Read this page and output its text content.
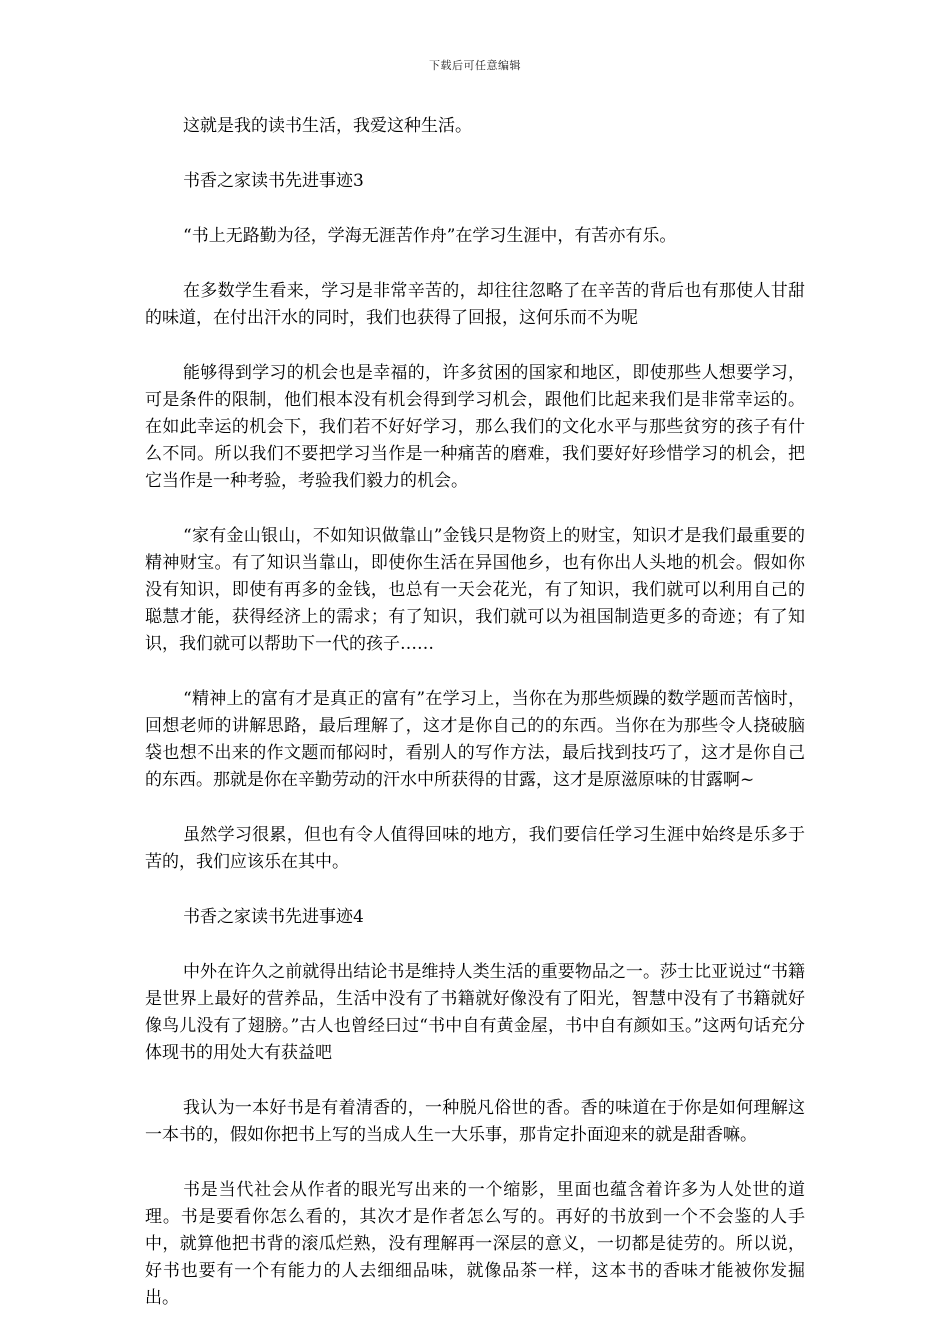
下载后可任意编辑

这就是我的读书生活，我爱这种生活。

书香之家读书先进事迹3

“书上无路勤为径，学海无涯苦作舟”在学习生涯中，有苦亦有乐。

在多数学生看来，学习是非常辛苦的，却往往忽略了在辛苦的背后也有那使人甘甜的味道，在付出汗水的同时，我们也获得了回报，这何乐而不为呢

能够得到学习的机会也是幸福的，许多贫困的国家和地区，即使那些人想要学习，可是条件的限制，他们根本没有机会得到学习机会，跟他们比起来我们是非常幸运的。在如此幸运的机会下，我们若不好好学习，那么我们的文化水平与那些贫穷的孩子有什么不同。所以我们不要把学习当作是一种痛苦的磨难，我们要好好珍惜学习的机会，把它当作是一种考验，考验我们毅力的机会。

“家有金山银山，不如知识做靠山”金钱只是物资上的财宝，知识才是我们最重要的精神财宝。有了知识当靠山，即使你生活在异国他乡，也有你出人头地的机会。假如你没有知识，即使有再多的金钱，也总有一天会花光，有了知识，我们就可以利用自己的聪慧才能，获得经济上的需求；有了知识，我们就可以为祖国制造更多的奇迹；有了知识，我们就可以帮助下一代的孩子……

“精神上的富有才是真正的富有”在学习上，当你在为那些烦躁的数学题而苦恼时，回想老师的讲解思路，最后理解了，这才是你自己的的东西。当你在为那些令人挠破脑袋也想不出来的作文题而郁闷时，看别人的写作方法，最后找到技巧了，这才是你自己的东西。那就是你在辛勤劳动的汗水中所获得的甘露，这才是原滋原味的甘露啊~

虽然学习很累，但也有令人值得回味的地方，我们要信任学习生涯中始终是乐多于苦的，我们应该乐在其中。

书香之家读书先进事迹4

中外在许久之前就得出结论书是维持人类生活的重要物品之一。莎士比亚说过“书籍是世界上最好的营养品，生活中没有了书籍就好像没有了阳光，智慧中没有了书籍就好像鸟儿没有了翅膀。”古人也曾经曰过“书中自有黄金屋，书中自有颜如玉。”这两句话充分体现书的用处大有获益吧

我认为一本好书是有着清香的，一种脱凡俗世的香。香的味道在于你是如何理解这一本书的，假如你把书上写的当成人生一大乐事，那肯定扑面迎来的就是甜香嘛。

书是当代社会从作者的眼光写出来的一个缩影，里面也蕴含着许多为人处世的道理。书是要看你怎么看的，其次才是作者怎么写的。再好的书放到一个不会鉴的人手中，就算他把书背的滚瓜烂熟，没有理解再一深层的意义，一切都是徒劳的。所以说，好书也要有一个有能力的人去细细品味，就像品茶一样，这本书的香味才能被你发掘出。
